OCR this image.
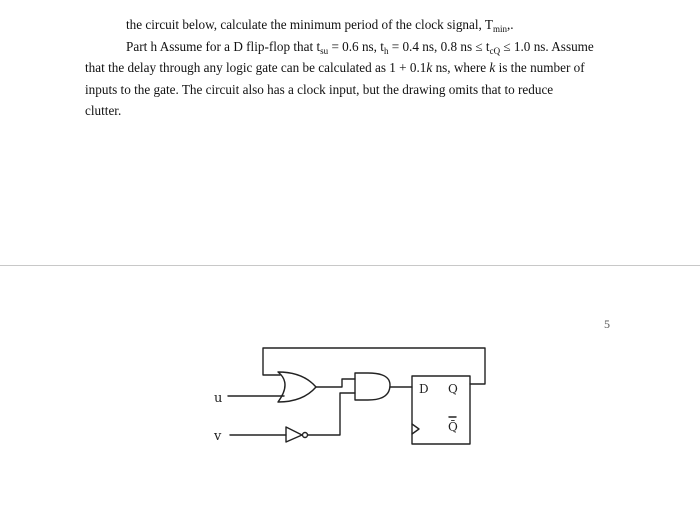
the circuit below, calculate the minimum period of the clock signal, $T_{min}$,.
Part h Assume for a D flip-flop that $t_{su} = 0.6$ ns, $t_h = 0.4$ ns, 0.8 ns ≤ $t_{cQ} \le 1.0$ ns. Assume
that the delay through any logic gate can be calculated as 1 + 0.1k ns, where k is the number of
inputs to the gate. The circuit also has a clock input, but the drawing omits that to reduce
clutter.
5
u
v
D Q
Q̄
